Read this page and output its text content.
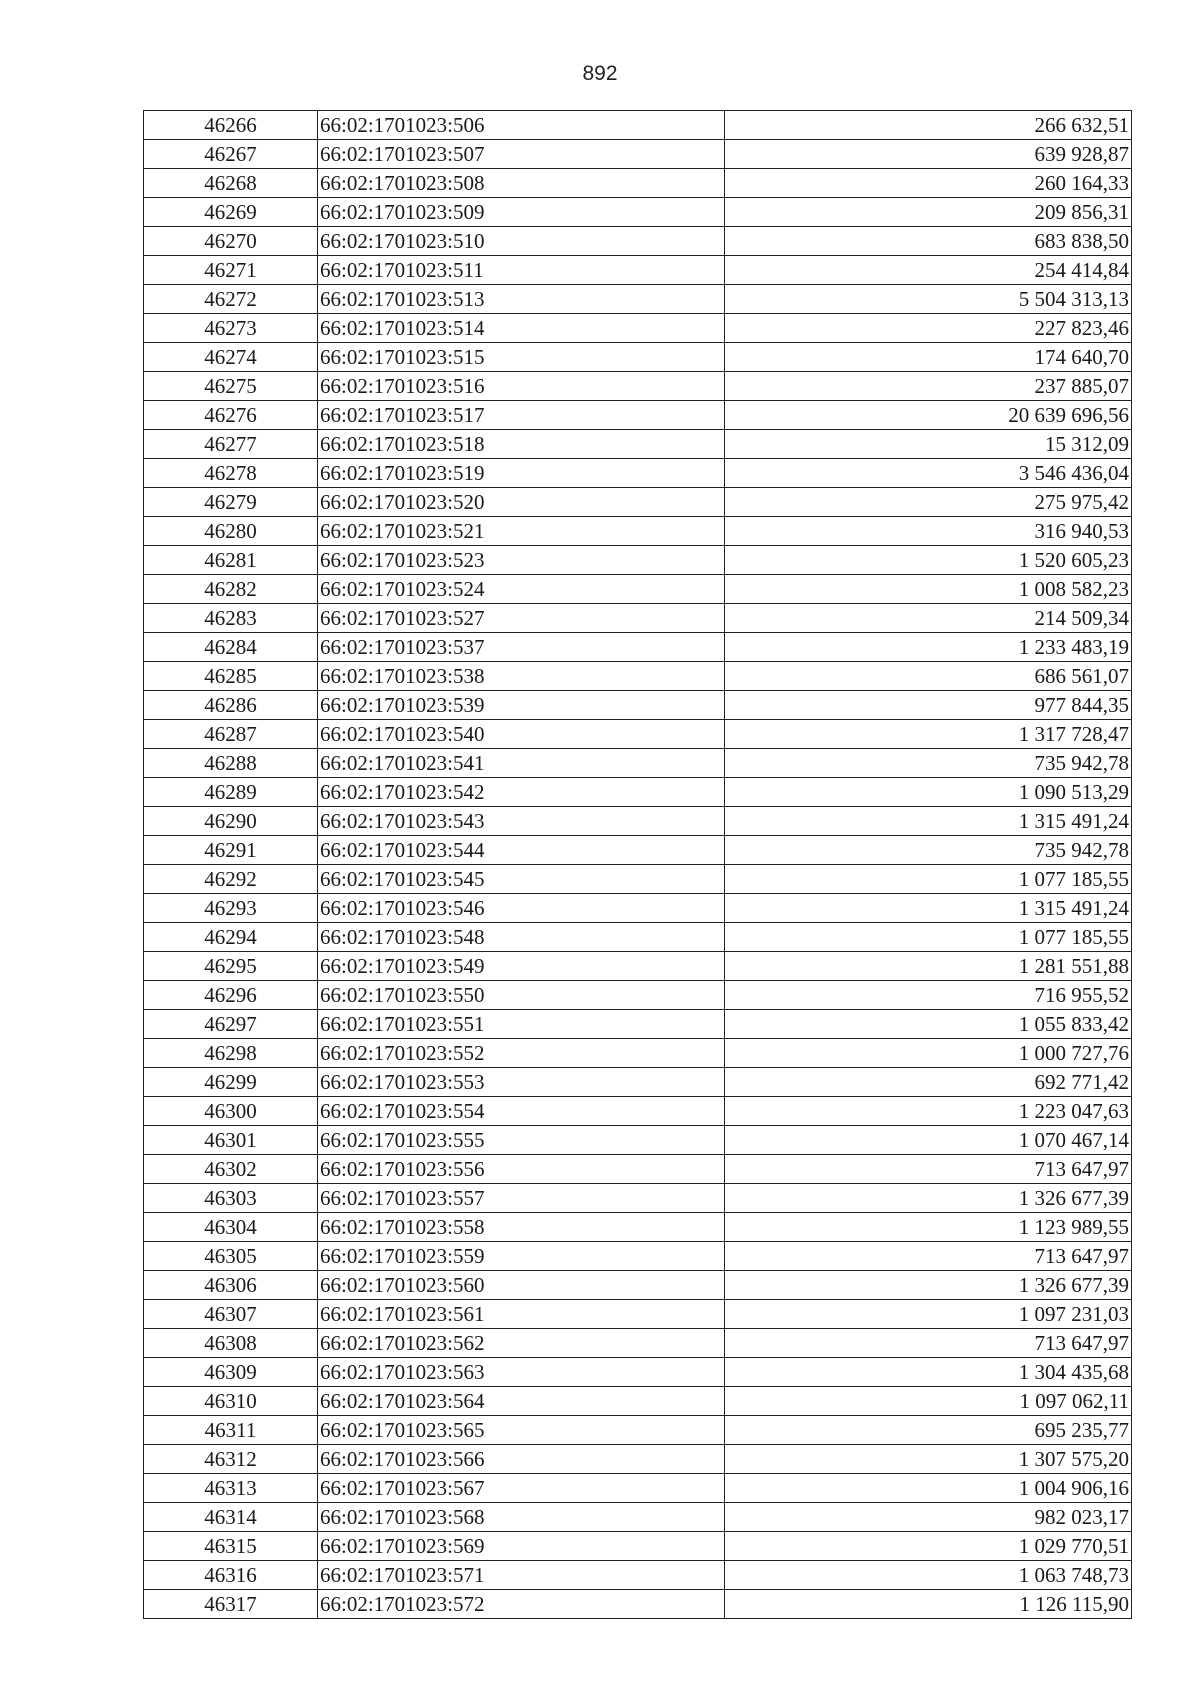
892
46266	66:02:1701023:506	266 632,51
46267	66:02:1701023:507	639 928,87
46268	66:02:1701023:508	260 164,33
46269	66:02:1701023:509	209 856,31
46270	66:02:1701023:510	683 838,50
46271	66:02:1701023:511	254 414,84
46272	66:02:1701023:513	5 504 313,13
46273	66:02:1701023:514	227 823,46
46274	66:02:1701023:515	174 640,70
46275	66:02:1701023:516	237 885,07
46276	66:02:1701023:517	20 639 696,56
46277	66:02:1701023:518	15 312,09
46278	66:02:1701023:519	3 546 436,04
46279	66:02:1701023:520	275 975,42
46280	66:02:1701023:521	316 940,53
46281	66:02:1701023:523	1 520 605,23
46282	66:02:1701023:524	1 008 582,23
46283	66:02:1701023:527	214 509,34
46284	66:02:1701023:537	1 233 483,19
46285	66:02:1701023:538	686 561,07
46286	66:02:1701023:539	977 844,35
46287	66:02:1701023:540	1 317 728,47
46288	66:02:1701023:541	735 942,78
46289	66:02:1701023:542	1 090 513,29
46290	66:02:1701023:543	1 315 491,24
46291	66:02:1701023:544	735 942,78
46292	66:02:1701023:545	1 077 185,55
46293	66:02:1701023:546	1 315 491,24
46294	66:02:1701023:548	1 077 185,55
46295	66:02:1701023:549	1 281 551,88
46296	66:02:1701023:550	716 955,52
46297	66:02:1701023:551	1 055 833,42
46298	66:02:1701023:552	1 000 727,76
46299	66:02:1701023:553	692 771,42
46300	66:02:1701023:554	1 223 047,63
46301	66:02:1701023:555	1 070 467,14
46302	66:02:1701023:556	713 647,97
46303	66:02:1701023:557	1 326 677,39
46304	66:02:1701023:558	1 123 989,55
46305	66:02:1701023:559	713 647,97
46306	66:02:1701023:560	1 326 677,39
46307	66:02:1701023:561	1 097 231,03
46308	66:02:1701023:562	713 647,97
46309	66:02:1701023:563	1 304 435,68
46310	66:02:1701023:564	1 097 062,11
46311	66:02:1701023:565	695 235,77
46312	66:02:1701023:566	1 307 575,20
46313	66:02:1701023:567	1 004 906,16
46314	66:02:1701023:568	982 023,17
46315	66:02:1701023:569	1 029 770,51
46316	66:02:1701023:571	1 063 748,73
46317	66:02:1701023:572	1 126 115,90
